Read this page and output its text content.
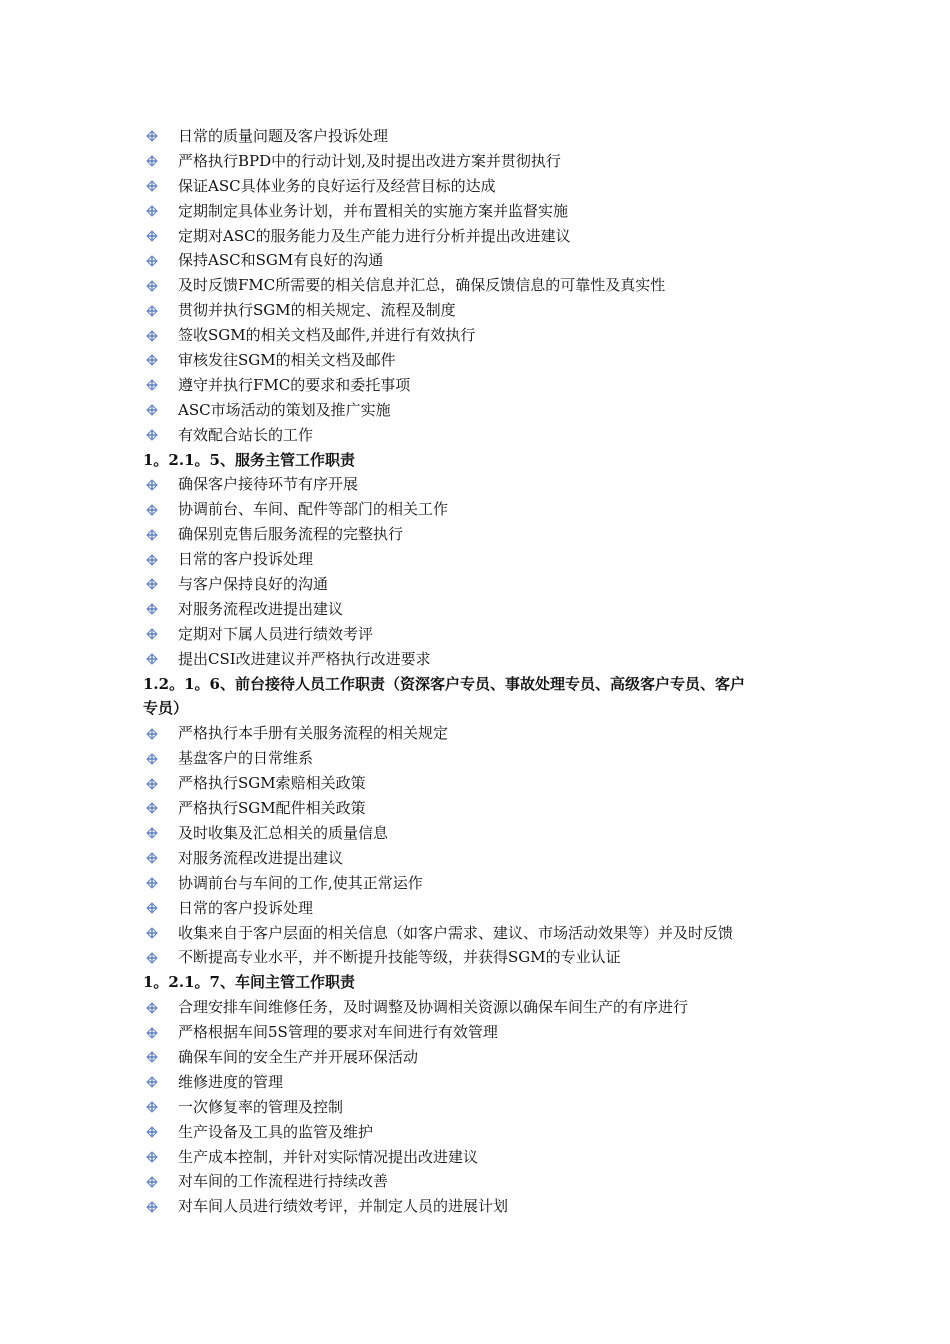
日常的质量问题及客户投诉处理
严格执行BPD中的行动计划,及时提出改进方案并贯彻执行
保证ASC具体业务的良好运行及经营目标的达成
定期制定具体业务计划，并布置相关的实施方案并监督实施
定期对ASC的服务能力及生产能力进行分析并提出改进建议
保持ASC和SGM有良好的沟通
及时反馈FMC所需要的相关信息并汇总，确保反馈信息的可靠性及真实性
贯彻并执行SGM的相关规定、流程及制度
签收SGM的相关文档及邮件,并进行有效执行
审核发往SGM的相关文档及邮件
遵守并执行FMC的要求和委托事项
ASC市场活动的策划及推广实施
有效配合站长的工作
1。2.1。5、服务主管工作职责
确保客户接待环节有序开展
协调前台、车间、配件等部门的相关工作
确保别克售后服务流程的完整执行
日常的客户投诉处理
与客户保持良好的沟通
对服务流程改进提出建议
定期对下属人员进行绩效考评
提出CSI改进建议并严格执行改进要求
1.2。1。6、前台接待人员工作职责（资深客户专员、事故处理专员、高级客户专员、客户
专员）
严格执行本手册有关服务流程的相关规定
基盘客户的日常维系
严格执行SGM索赔相关政策
严格执行SGM配件相关政策
及时收集及汇总相关的质量信息
对服务流程改进提出建议
协调前台与车间的工作,使其正常运作
日常的客户投诉处理
收集来自于客户层面的相关信息（如客户需求、建议、市场活动效果等）并及时反馈
不断提高专业水平，并不断提升技能等级，并获得SGM的专业认证
1。2.1。7、车间主管工作职责
合理安排车间维修任务，及时调整及协调相关资源以确保车间生产的有序进行
严格根据车间5S管理的要求对车间进行有效管理
确保车间的安全生产并开展环保活动
维修进度的管理
一次修复率的管理及控制
生产设备及工具的监管及维护
生产成本控制，并针对实际情况提出改进建议
对车间的工作流程进行持续改善
对车间人员进行绩效考评，并制定人员的进展计划
